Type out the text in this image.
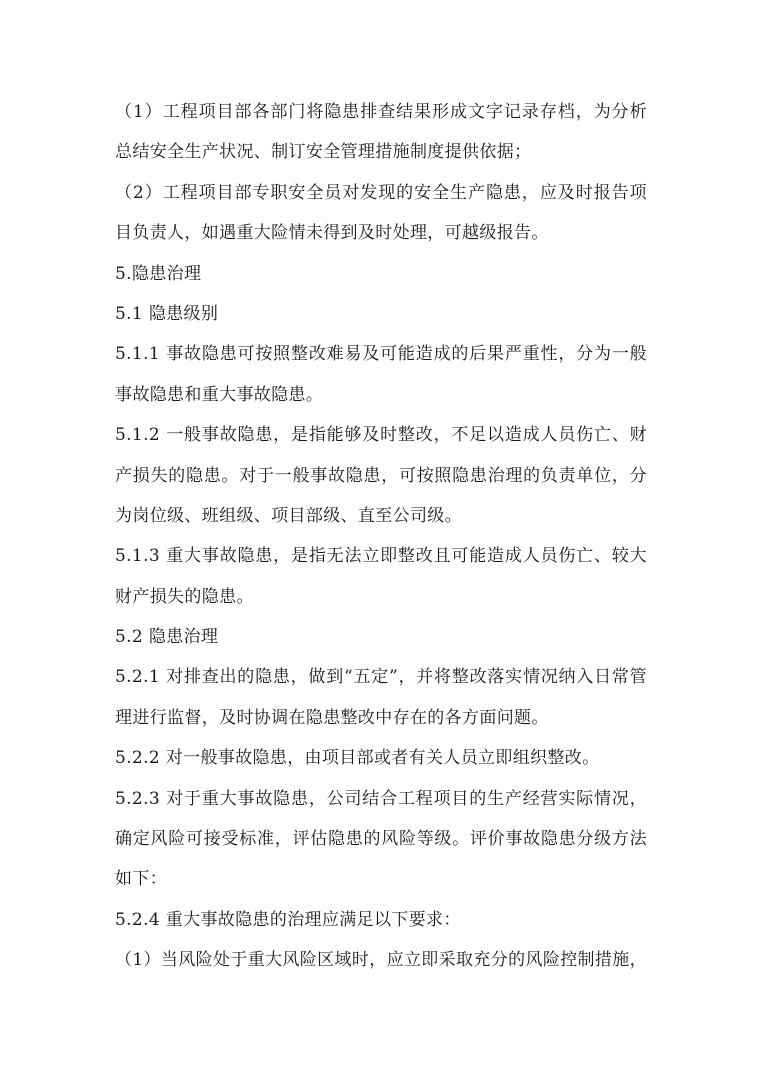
（1）工程项目部各部门将隐患排查结果形成文字记录存档，为分析
总结安全生产状况、制订安全管理措施制度提供依据；
（2）工程项目部专职安全员对发现的安全生产隐患，应及时报告项
目负责人，如遇重大险情未得到及时处理，可越级报告。
5.隐患治理
5.1 隐患级别
5.1.1 事故隐患可按照整改难易及可能造成的后果严重性，分为一般
事故隐患和重大事故隐患。
5.1.2 一般事故隐患，是指能够及时整改，不足以造成人员伤亡、财
产损失的隐患。对于一般事故隐患，可按照隐患治理的负责单位，分
为岗位级、班组级、项目部级、直至公司级。
5.1.3 重大事故隐患，是指无法立即整改且可能造成人员伤亡、较大
财产损失的隐患。
5.2 隐患治理
5.2.1 对排查出的隐患，做到“五定”，并将整改落实情况纳入日常管
理进行监督，及时协调在隐患整改中存在的各方面问题。
5.2.2 对一般事故隐患，由项目部或者有关人员立即组织整改。
5.2.3 对于重大事故隐患，公司结合工程项目的生产经营实际情况，
确定风险可接受标准，评估隐患的风险等级。评价事故隐患分级方法
如下：
5.2.4 重大事故隐患的治理应满足以下要求：
（1）当风险处于重大风险区域时，应立即采取充分的风险控制措施，
